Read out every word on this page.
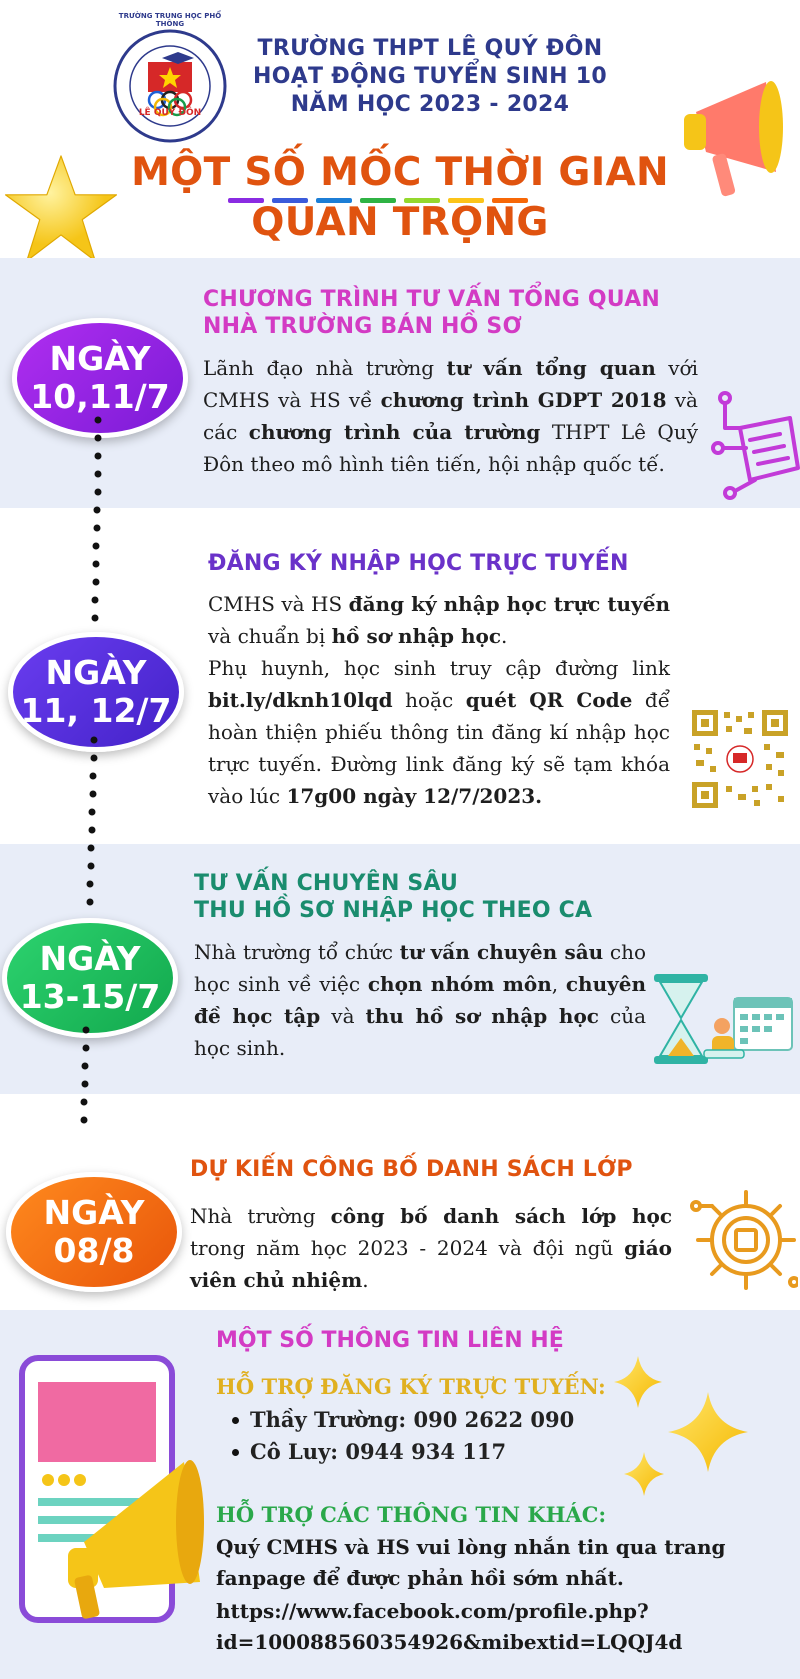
TRƯỜNG TRUNG HỌC PHỔ THÔNG
LÊ QUÝ ĐÔN
TRƯỜNG THPT LÊ QUÝ ĐÔN
HOẠT ĐỘNG TUYỂN SINH 10
NĂM HỌC 2023 - 2024
MỘT SỐ MỐC THỜI GIAN
QUAN TRỌNG
CHƯƠNG TRÌNH TƯ VẤN TỔNG QUAN
NHÀ TRƯỜNG BÁN HỒ SƠ
Lãnh đạo nhà trường tư vấn tổng quan với CMHS và HS về chương trình GDPT 2018 và các chương trình của trường THPT Lê Quý Đôn theo mô hình tiên tiến, hội nhập quốc tế.
NGÀY
10,11/7
ĐĂNG KÝ NHẬP HỌC TRỰC TUYẾN
CMHS và HS đăng ký nhập học trực tuyến và chuẩn bị hồ sơ nhập học.
Phụ huynh, học sinh truy cập đường link bit.ly/dknh10lqd hoặc quét QR Code để hoàn thiện phiếu thông tin đăng kí nhập học trực tuyến. Đường link đăng ký sẽ tạm khóa vào lúc 17g00 ngày 12/7/2023.
NGÀY
11, 12/7
TƯ VẤN CHUYÊN SÂU
THU HỒ SƠ NHẬP HỌC THEO CA
Nhà trường tổ chức tư vấn chuyên sâu cho học sinh về việc chọn nhóm môn, chuyên đề học tập và thu hồ sơ nhập học của học sinh.
NGÀY
13-15/7
DỰ KIẾN CÔNG BỐ DANH SÁCH LỚP
Nhà trường công bố danh sách lớp học trong năm học 2023 - 2024 và đội ngũ giáo viên chủ nhiệm.
NGÀY
08/8
MỘT SỐ THÔNG TIN LIÊN HỆ
HỖ TRỢ ĐĂNG KÝ TRỰC TUYẾN:
Thầy Trường: 090 2622 090
Cô Luy: 0944 934 117
HỖ TRỢ CÁC THÔNG TIN KHÁC:
Quý CMHS và HS vui lòng nhắn tin qua trang
fanpage để được phản hồi sớm nhất.
https://www.facebook.com/profile.php?
id=100088560354926&mibextid=LQQJ4d
